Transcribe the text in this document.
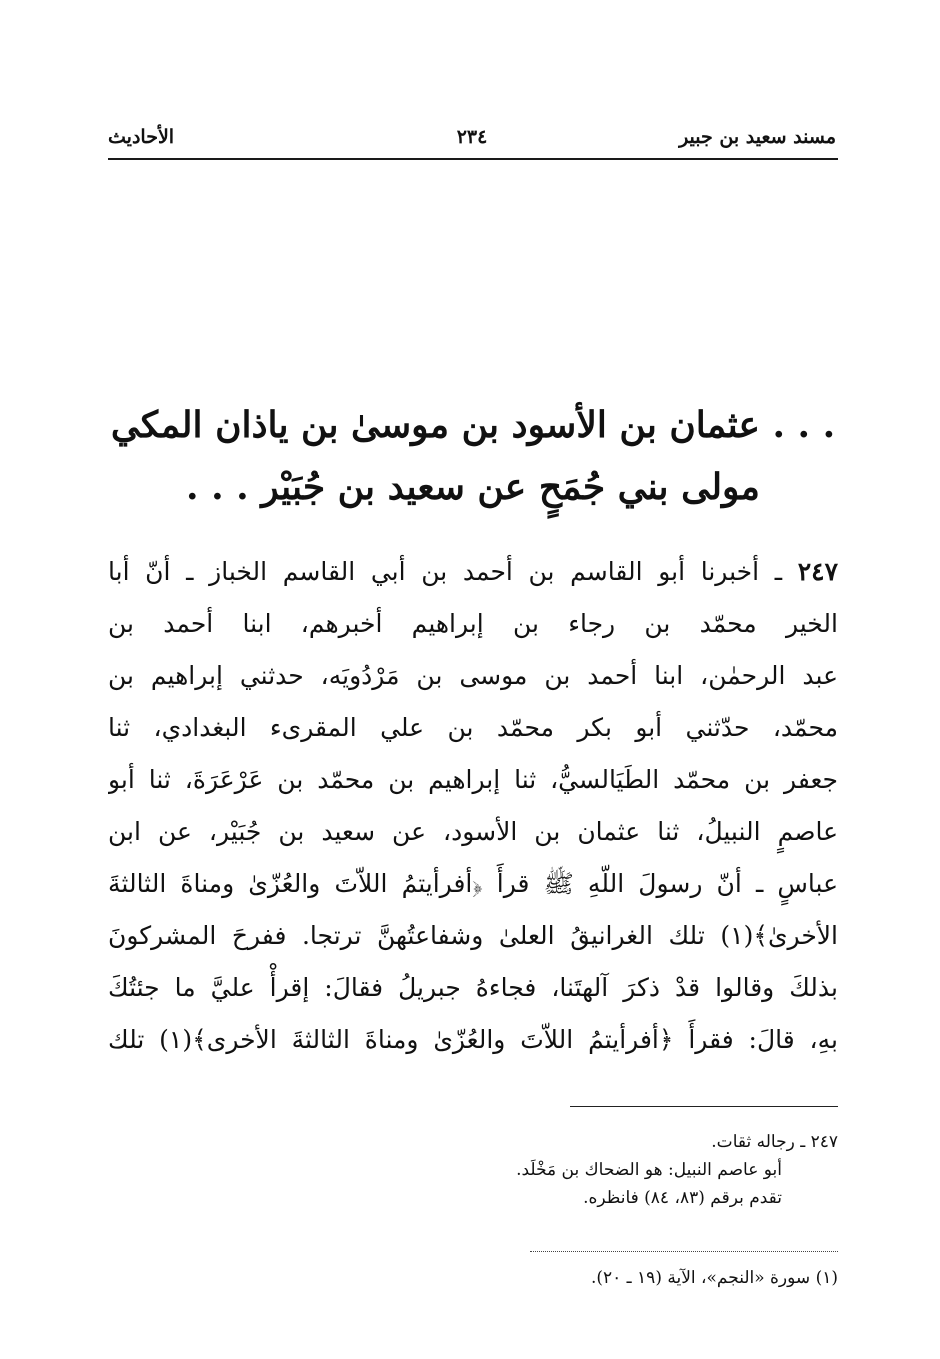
مسند سعيد بن جبير
٢٣٤
الأحاديث
. . . عثمان بن الأسود بن موسىٰ بن ياذان المكي
مولى بني جُمَحٍ عن سعيد بن جُبَيْر . . .
٢٤٧ ـ أخبرنا أبو القاسم بن أحمد بن أبي القاسم الخباز ـ أنّ أبا
الخير محمّد بن رجاء بن إبراهيم أخبرهم، ابنا أحمد بن
عبد الرحمٰن، ابنا أحمد بن موسى بن مَرْدُويَه، حدثني إبراهيم بن
محمّد، حدّثني أبو بكر محمّد بن علي المقرىء البغدادي، ثنا
جعفر بن محمّد الطَيَالسيُّ، ثنا إبراهيم بن محمّد بن عَرْعَرَةَ، ثنا أبو
عاصمٍ النبيلُ، ثنا عثمان بن الأسود، عن سعيد بن جُبَيْر، عن ابن
عباسٍ ـ أنّ رسولَ اللّهِ ﷺ قرأَ ﴿أفرأيتمُ اللاّتَ والعُزّىٰ ومناةَ الثالثةَ
الأخرىٰ﴾(١) تلك الغرانيقُ العلىٰ وشفاعتُهنَّ ترتجا. ففرحَ المشركونَ
بذلكَ وقالوا قدْ ذكرَ آلهتَنا، فجاءهُ جبريلُ فقالَ: إقرأْ عليَّ ما جئتُكَ
بهِ، قالَ: فقرأَ ﴿أفرأيتمُ اللاّتَ والعُزّىٰ ومناةَ الثالثةَ الأخرى﴾(١) تلك
٢٤٧ ـ رجاله ثقات.
أبو عاصم النبيل: هو الضحاك بن مَخْلَد.
تقدم برقم (٨٣، ٨٤) فانظره.
(١) سورة «النجم»، الآية (١٩ ـ ٢٠).
